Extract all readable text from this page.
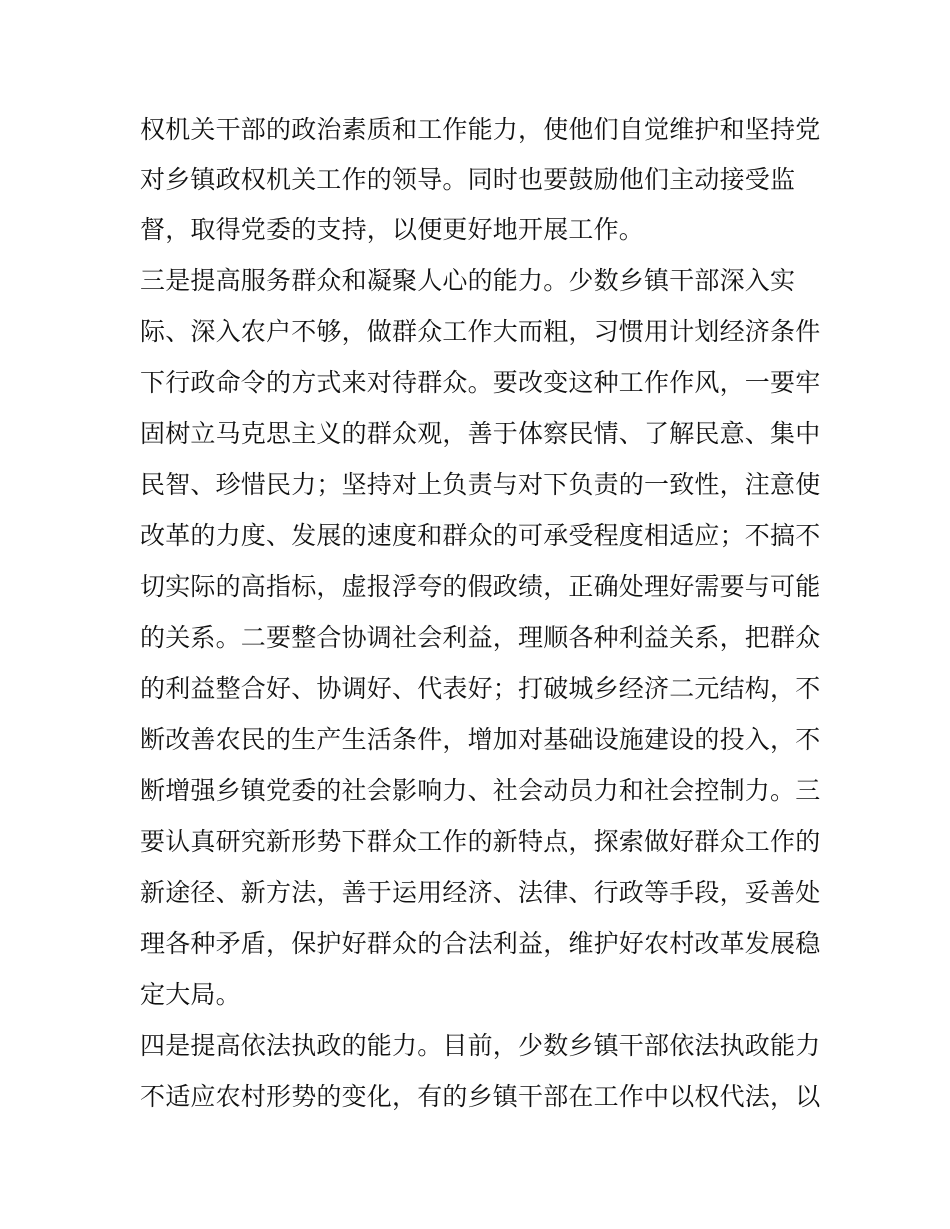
权机关干部的政治素质和工作能力，使他们自觉维护和坚持党
对乡镇政权机关工作的领导。同时也要鼓励他们主动接受监
督，取得党委的支持，以便更好地开展工作。
三是提高服务群众和凝聚人心的能力。少数乡镇干部深入实
际、深入农户不够，做群众工作大而粗，习惯用计划经济条件
下行政命令的方式来对待群众。要改变这种工作作风，一要牢
固树立马克思主义的群众观，善于体察民情、了解民意、集中
民智、珍惜民力；坚持对上负责与对下负责的一致性，注意使
改革的力度、发展的速度和群众的可承受程度相适应；不搞不
切实际的高指标，虚报浮夸的假政绩，正确处理好需要与可能
的关系。二要整合协调社会利益，理顺各种利益关系，把群众
的利益整合好、协调好、代表好；打破城乡经济二元结构，不
断改善农民的生产生活条件，增加对基础设施建设的投入，不
断增强乡镇党委的社会影响力、社会动员力和社会控制力。三
要认真研究新形势下群众工作的新特点，探索做好群众工作的
新途径、新方法，善于运用经济、法律、行政等手段，妥善处
理各种矛盾，保护好群众的合法利益，维护好农村改革发展稳
定大局。
四是提高依法执政的能力。目前，少数乡镇干部依法执政能力
不适应农村形势的变化，有的乡镇干部在工作中以权代法，以
